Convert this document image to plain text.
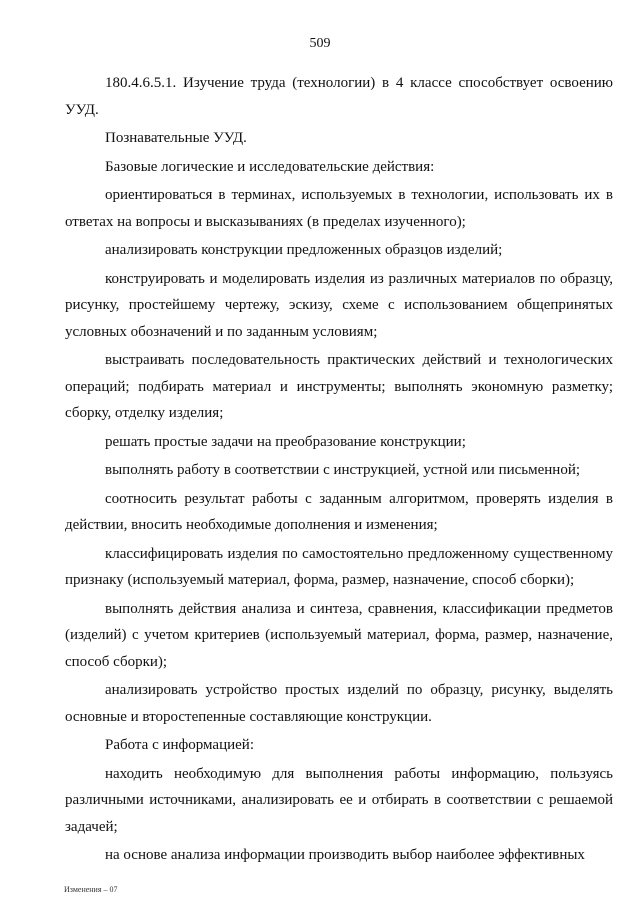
509

180.4.6.5.1. Изучение труда (технологии) в 4 классе способствует освоению УУД.

Познавательные УУД.

Базовые логические и исследовательские действия:

ориентироваться в терминах, используемых в технологии, использовать их в ответах на вопросы и высказываниях (в пределах изученного);

анализировать конструкции предложенных образцов изделий;

конструировать и моделировать изделия из различных материалов по образцу, рисунку, простейшему чертежу, эскизу, схеме с использованием общепринятых условных обозначений и по заданным условиям;

выстраивать последовательность практических действий и технологических операций; подбирать материал и инструменты; выполнять экономную разметку; сборку, отделку изделия;

решать простые задачи на преобразование конструкции;

выполнять работу в соответствии с инструкцией, устной или письменной;

соотносить результат работы с заданным алгоритмом, проверять изделия в действии, вносить необходимые дополнения и изменения;

классифицировать изделия по самостоятельно предложенному существенному признаку (используемый материал, форма, размер, назначение, способ сборки);

выполнять действия анализа и синтеза, сравнения, классификации предметов (изделий) с учетом критериев (используемый материал, форма, размер, назначение, способ сборки);

анализировать устройство простых изделий по образцу, рисунку, выделять основные и второстепенные составляющие конструкции.

Работа с информацией:

находить необходимую для выполнения работы информацию, пользуясь различными источниками, анализировать ее и отбирать в соответствии с решаемой задачей;

на основе анализа информации производить выбор наиболее эффективных

Изменения – 07
